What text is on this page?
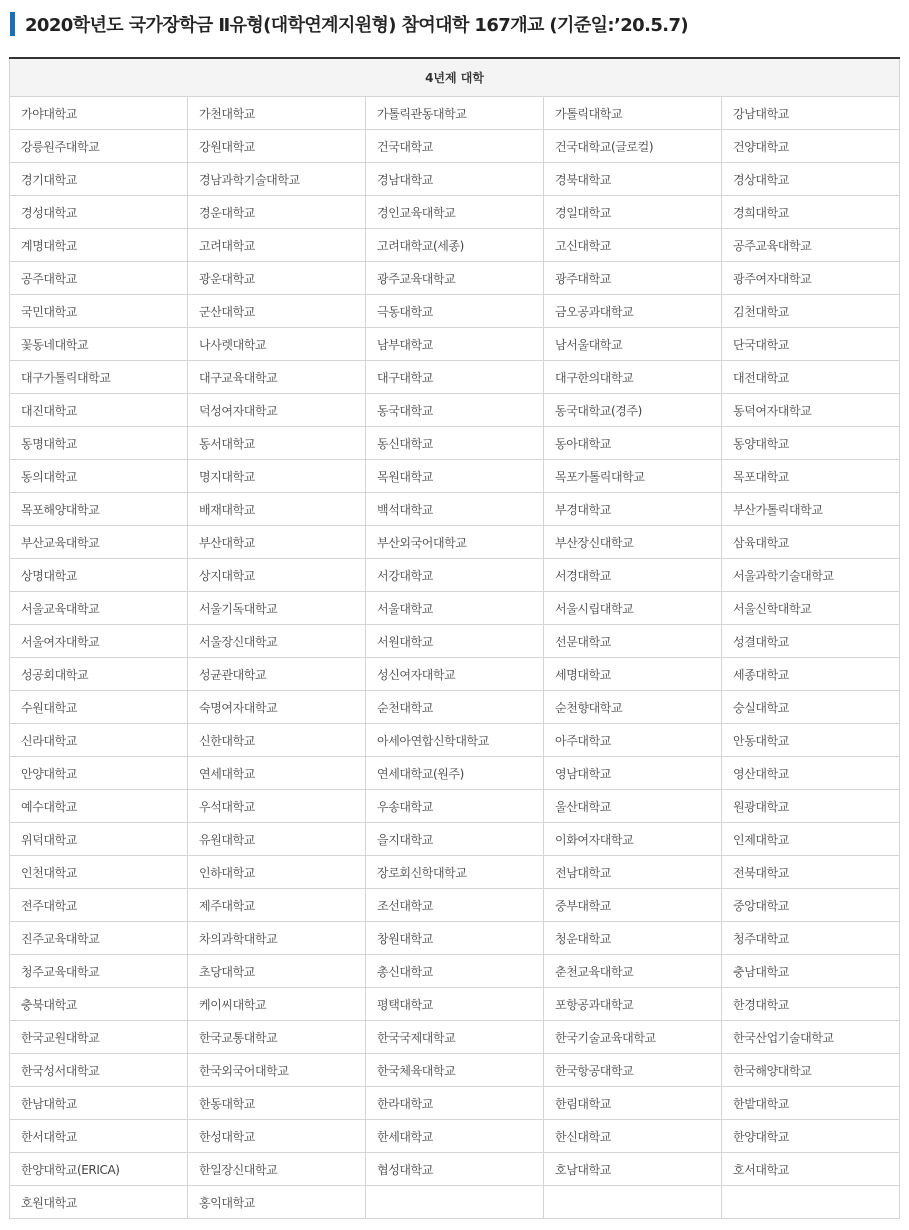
2020학년도 국가장학금 Ⅱ유형(대학연계지원형) 참여대학 167개교 (기준일:’20.5.7)
4년제 대학				
가야대학교	가천대학교	가톨릭관동대학교	가톨릭대학교	강남대학교
강릉원주대학교	강원대학교	건국대학교	건국대학교(글로컬)	건양대학교
경기대학교	경남과학기술대학교	경남대학교	경북대학교	경상대학교
경성대학교	경운대학교	경인교육대학교	경일대학교	경희대학교
계명대학교	고려대학교	고려대학교(세종)	고신대학교	공주교육대학교
공주대학교	광운대학교	광주교육대학교	광주대학교	광주여자대학교
국민대학교	군산대학교	극동대학교	금오공과대학교	김천대학교
꽃동네대학교	나사렛대학교	남부대학교	남서울대학교	단국대학교
대구가톨릭대학교	대구교육대학교	대구대학교	대구한의대학교	대전대학교
대진대학교	덕성여자대학교	동국대학교	동국대학교(경주)	동덕여자대학교
동명대학교	동서대학교	동신대학교	동아대학교	동양대학교
동의대학교	명지대학교	목원대학교	목포가톨릭대학교	목포대학교
목포해양대학교	배재대학교	백석대학교	부경대학교	부산가톨릭대학교
부산교육대학교	부산대학교	부산외국어대학교	부산장신대학교	삼육대학교
상명대학교	상지대학교	서강대학교	서경대학교	서울과학기술대학교
서울교육대학교	서울기독대학교	서울대학교	서울시립대학교	서울신학대학교
서울여자대학교	서울장신대학교	서원대학교	선문대학교	성결대학교
성공회대학교	성균관대학교	성신여자대학교	세명대학교	세종대학교
수원대학교	숙명여자대학교	순천대학교	순천향대학교	숭실대학교
신라대학교	신한대학교	아세아연합신학대학교	아주대학교	안동대학교
안양대학교	연세대학교	연세대학교(원주)	영남대학교	영산대학교
예수대학교	우석대학교	우송대학교	울산대학교	원광대학교
위덕대학교	유원대학교	을지대학교	이화여자대학교	인제대학교
인천대학교	인하대학교	장로회신학대학교	전남대학교	전북대학교
전주대학교	제주대학교	조선대학교	중부대학교	중앙대학교
진주교육대학교	차의과학대학교	창원대학교	청운대학교	청주대학교
청주교육대학교	초당대학교	총신대학교	춘천교육대학교	충남대학교
충북대학교	케이씨대학교	평택대학교	포항공과대학교	한경대학교
한국교원대학교	한국교통대학교	한국국제대학교	한국기술교육대학교	한국산업기술대학교
한국성서대학교	한국외국어대학교	한국체육대학교	한국항공대학교	한국해양대학교
한남대학교	한동대학교	한라대학교	한림대학교	한밭대학교
한서대학교	한성대학교	한세대학교	한신대학교	한양대학교
한양대학교(ERICA)	한일장신대학교	협성대학교	호남대학교	호서대학교
호원대학교	홍익대학교			
